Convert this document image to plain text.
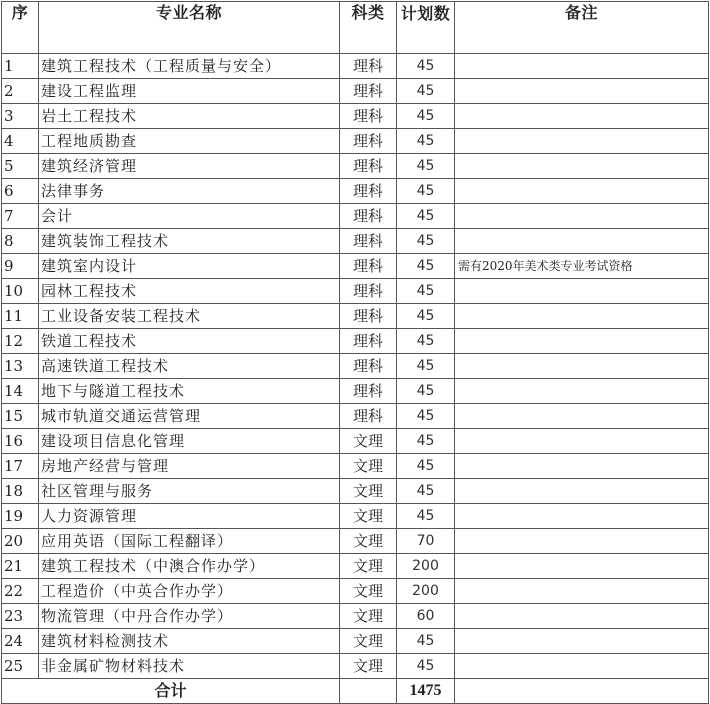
序	专业名称	科类	计划数	备注
1	建筑工程技术（工程质量与安全）	理科	45	
2	建设工程监理	理科	45	
3	岩土工程技术	理科	45	
4	工程地质勘查	理科	45	
5	建筑经济管理	理科	45	
6	法律事务	理科	45	
7	会计	理科	45	
8	建筑装饰工程技术	理科	45	
9	建筑室内设计	理科	45	需有2020年美术类专业考试资格
10	园林工程技术	理科	45	
11	工业设备安装工程技术	理科	45	
12	铁道工程技术	理科	45	
13	高速铁道工程技术	理科	45	
14	地下与隧道工程技术	理科	45	
15	城市轨道交通运营管理	理科	45	
16	建设项目信息化管理	文理	45	
17	房地产经营与管理	文理	45	
18	社区管理与服务	文理	45	
19	人力资源管理	文理	45	
20	应用英语（国际工程翻译）	文理	70	
21	建筑工程技术（中澳合作办学）	文理	200	
22	工程造价（中英合作办学）	文理	200	
23	物流管理（中丹合作办学）	文理	60	
24	建筑材料检测技术	文理	45	
25	非金属矿物材料技术	文理	45	
合计			1475	
